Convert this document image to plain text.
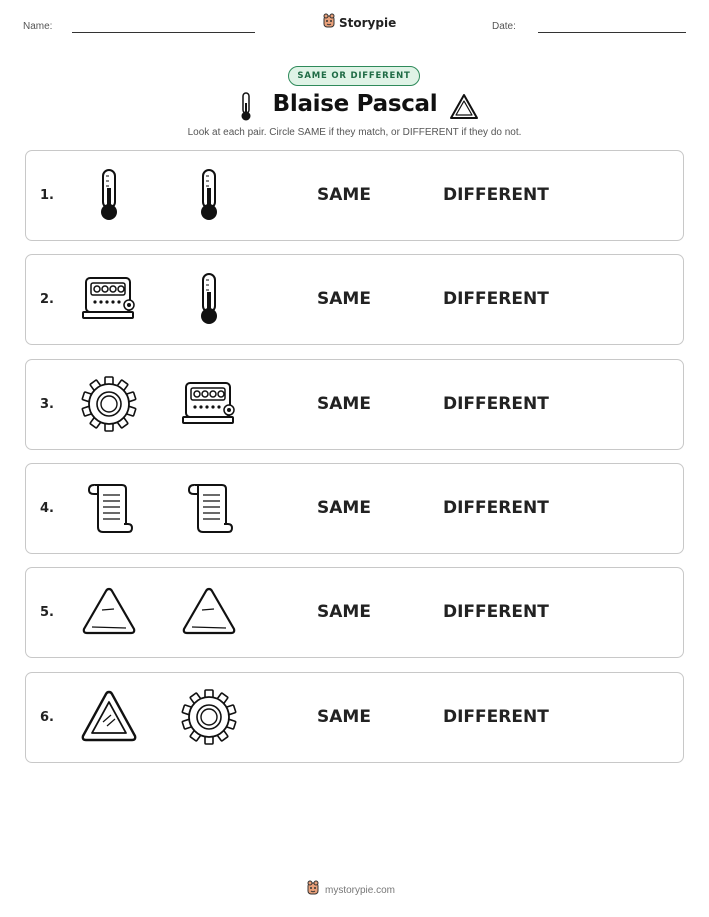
Name:	Storypie	Date:
SAME OR DIFFERENT
Blaise Pascal
Look at each pair. Circle SAME if they match, or DIFFERENT if they do not.
1.	SAME	DIFFERENT
2.	SAME	DIFFERENT
3.	SAME	DIFFERENT
4.	SAME	DIFFERENT
5.	SAME	DIFFERENT
6.	SAME	DIFFERENT
mystorypie.com
